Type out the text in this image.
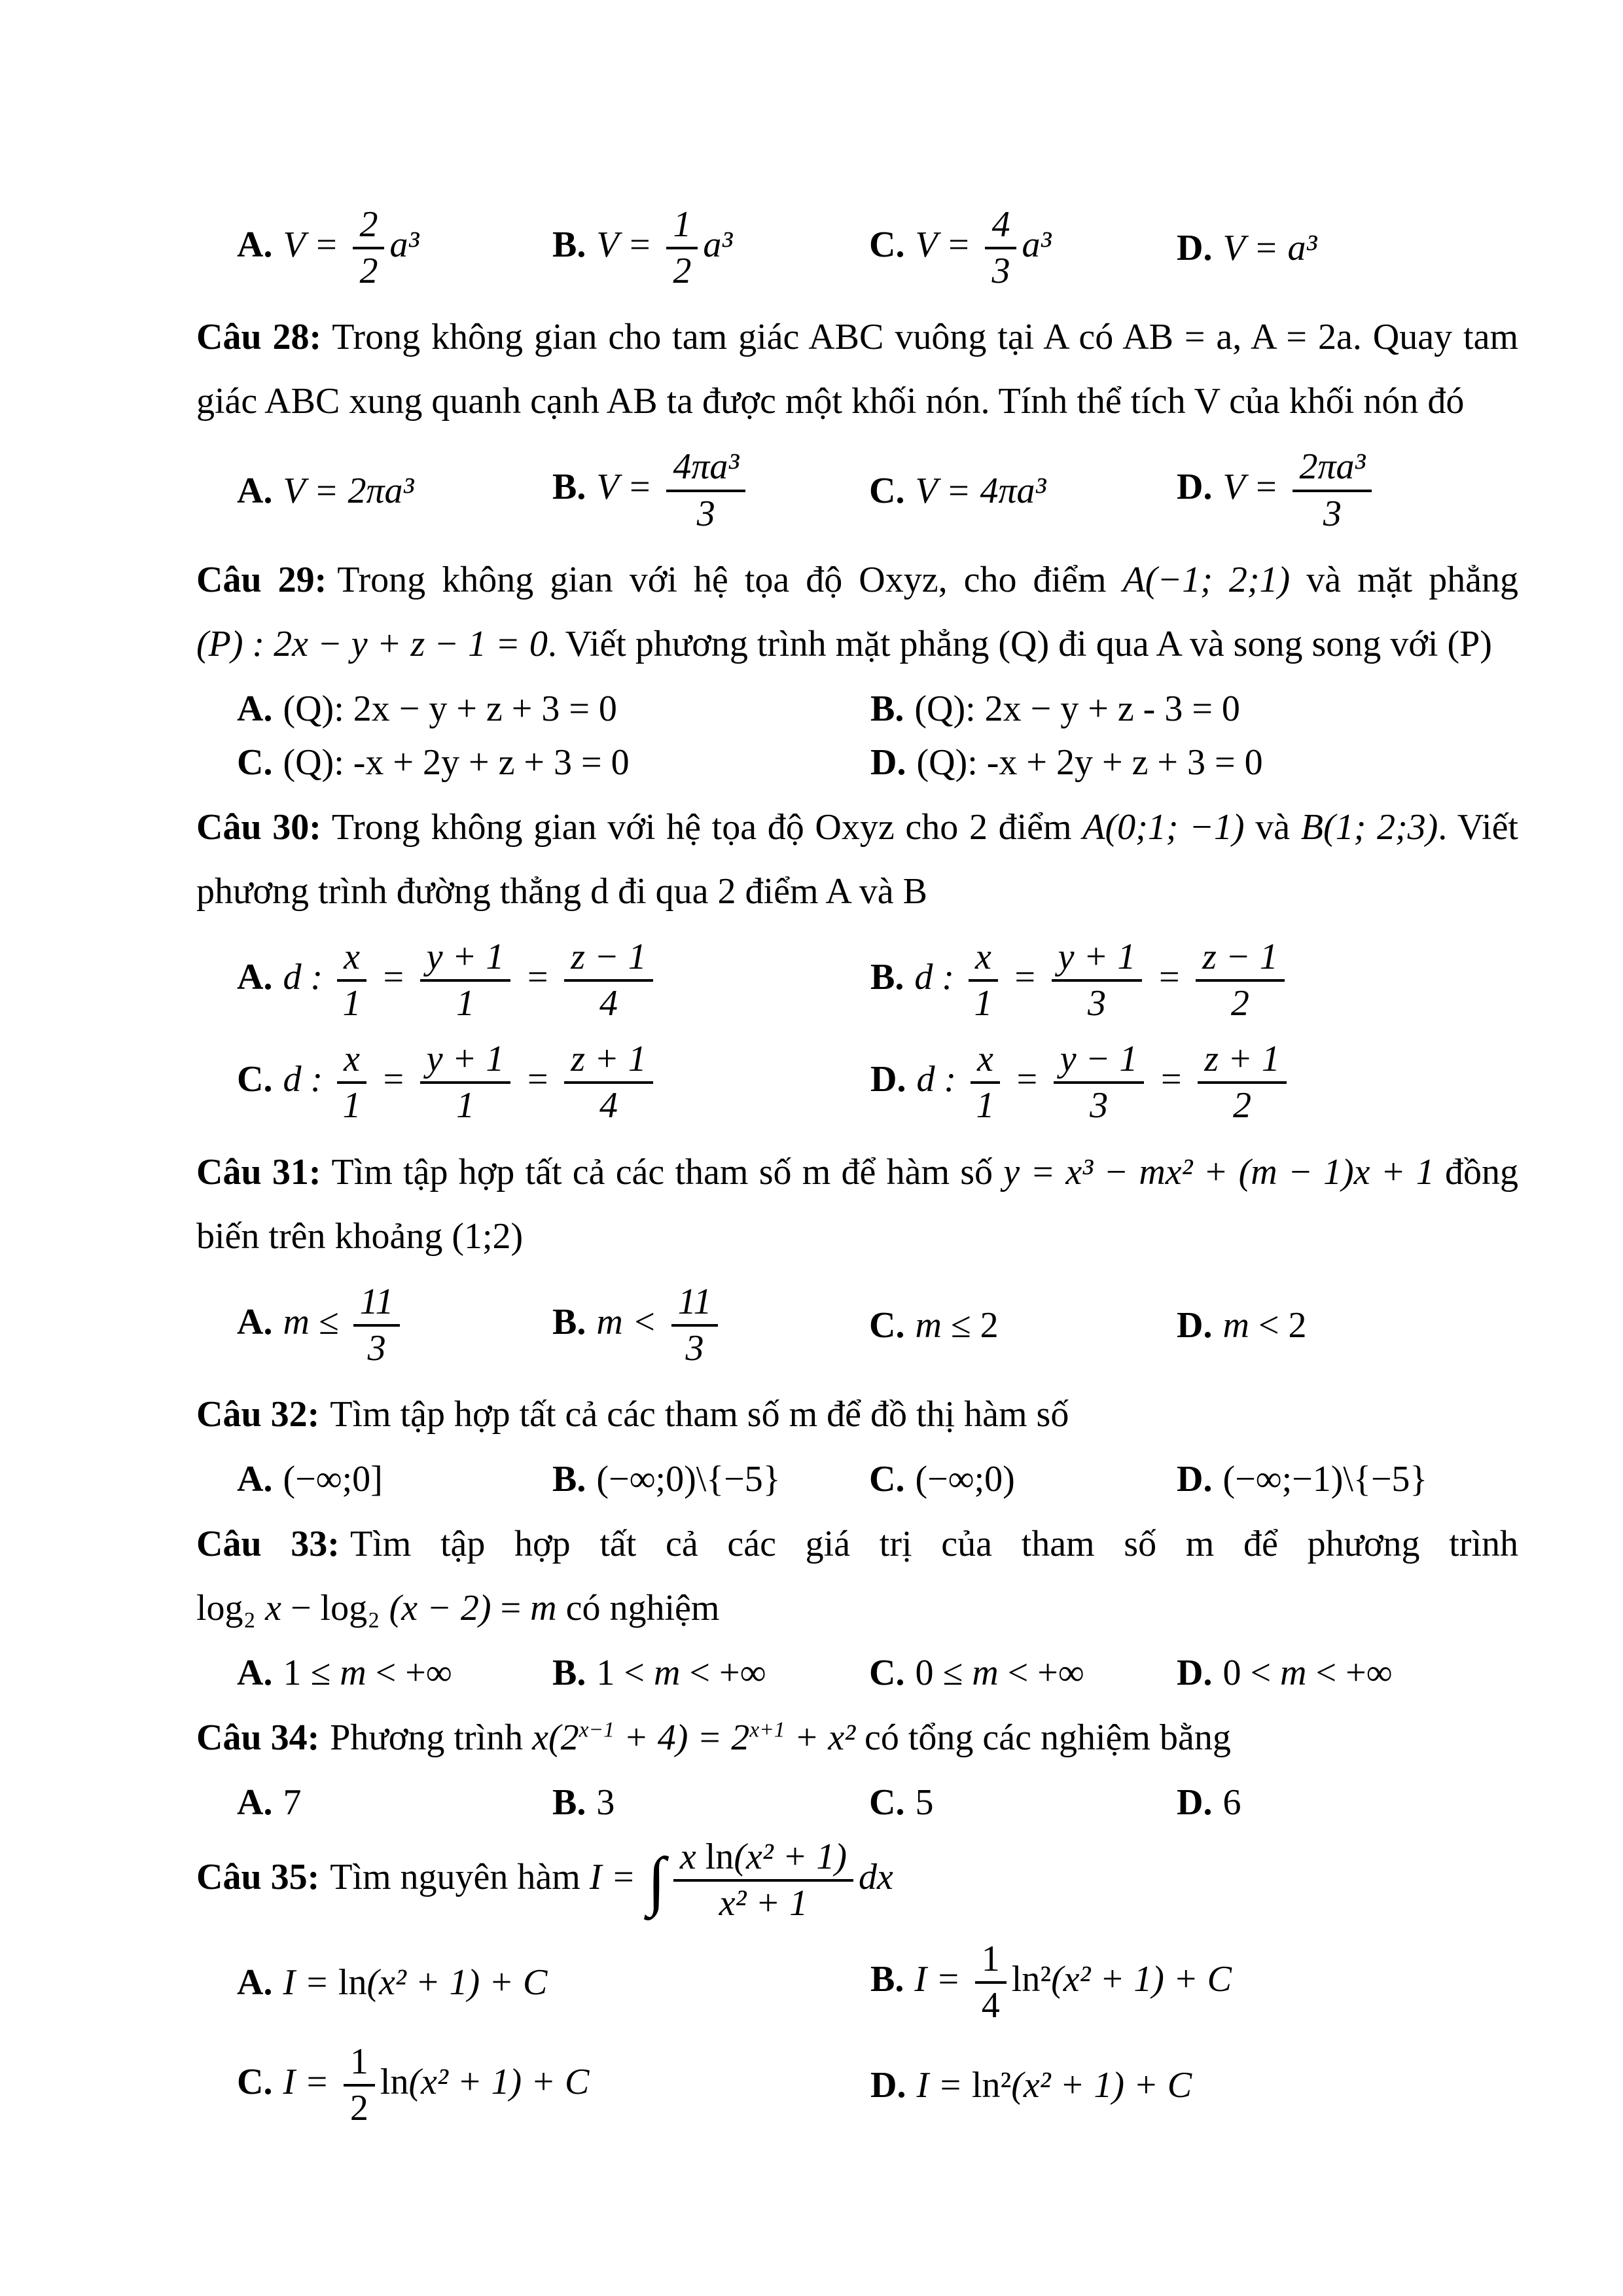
A. $V = \frac{2}{2} a^3$	B. $V = \frac{1}{2} a^3$	C. $V = \frac{4}{3} a^3$	D. V = a³

Câu 28: Trong không gian cho tam giác ABC vuông tại A có AB = a, A = 2a. Quay tam giác ABC xung quanh cạnh AB ta được một khối nón. Tính thể tích V của khối nón đó

A. V = 2πa³	B. $V = \frac{\text{4πa³}}{3}$	C. V = 4πa³	D. $V = \frac{\text{2πa³}}{3}$

Câu 29: Trong không gian với hệ tọa độ Oxyz, cho điểm A(−1; 2;1) và mặt phẳng (P) : 2x − y + z − 1 = 0. Viết phương trình mặt phẳng (Q) đi qua A và song song với (P)

A. (Q): 2x − y + z + 3 = 0	B. (Q): 2x − y + z - 3 = 0
C. (Q): -x + 2y + z + 3 = 0	D. (Q): -x + 2y + z + 3 = 0

Câu 30: Trong không gian với hệ tọa độ Oxyz cho 2 điểm A(0;1; −1) và B(1; 2;3). Viết phương trình đường thẳng d đi qua 2 điểm A và B

A. d : $\frac{x}{1} = \frac{y + 1}{1} = \frac{z - 1}{4}$	B. d : $\frac{x}{1} = \frac{y + 1}{3} = \frac{z - 1}{2}$
C. d : $\frac{x}{1} = \frac{y + 1}{1} = \frac{z + 1}{4}$	D. d : $\frac{x}{1} = \frac{y - 1}{3} = \frac{z + 1}{2}$

Câu 31: Tìm tập hợp tất cả các tham số m để hàm số y = x³ − mx² + (m − 1)x + 1 đồng biến trên khoảng (1;2)

A. $m \le \frac{11}{3}$	B. $m < \frac{11}{3}$	C. m ≤ 2	D. m < 2

Câu 32: Tìm tập hợp tất cả các tham số m để đồ thị hàm số

A. (−∞;0]	B. (−∞;0)\{−5}	C. (−∞;0)	D. (−∞;−1)\{−5}

Câu 33: Tìm tập hợp tất cả các giá trị của tham số m để phương trình log₂ x − log₂ (x − 2) = m có nghiệm

A. 1 ≤ m < +∞	B. 1 < m < +∞	C. 0 ≤ m < +∞	D. 0 < m < +∞

Câu 34: Phương trình $x(2^{x-1} + 4) = 2^{x+1} + x^2$ có tổng các nghiệm bằng

A. 7	B. 3	C. 5	D. 6

Câu 35: Tìm nguyên hàm I = ∫ $\frac{\text{x ln(x² + 1)}}{\text{x² + 1}}$ dx

A. I = ln(x² + 1) + C	B. $I = \frac{1}{4} \ln^2(x^2 + 1) + C$
C. $I = \frac{1}{2} \ln(x^2 + 1) + C$	D. I = ln²(x² + 1) + C
